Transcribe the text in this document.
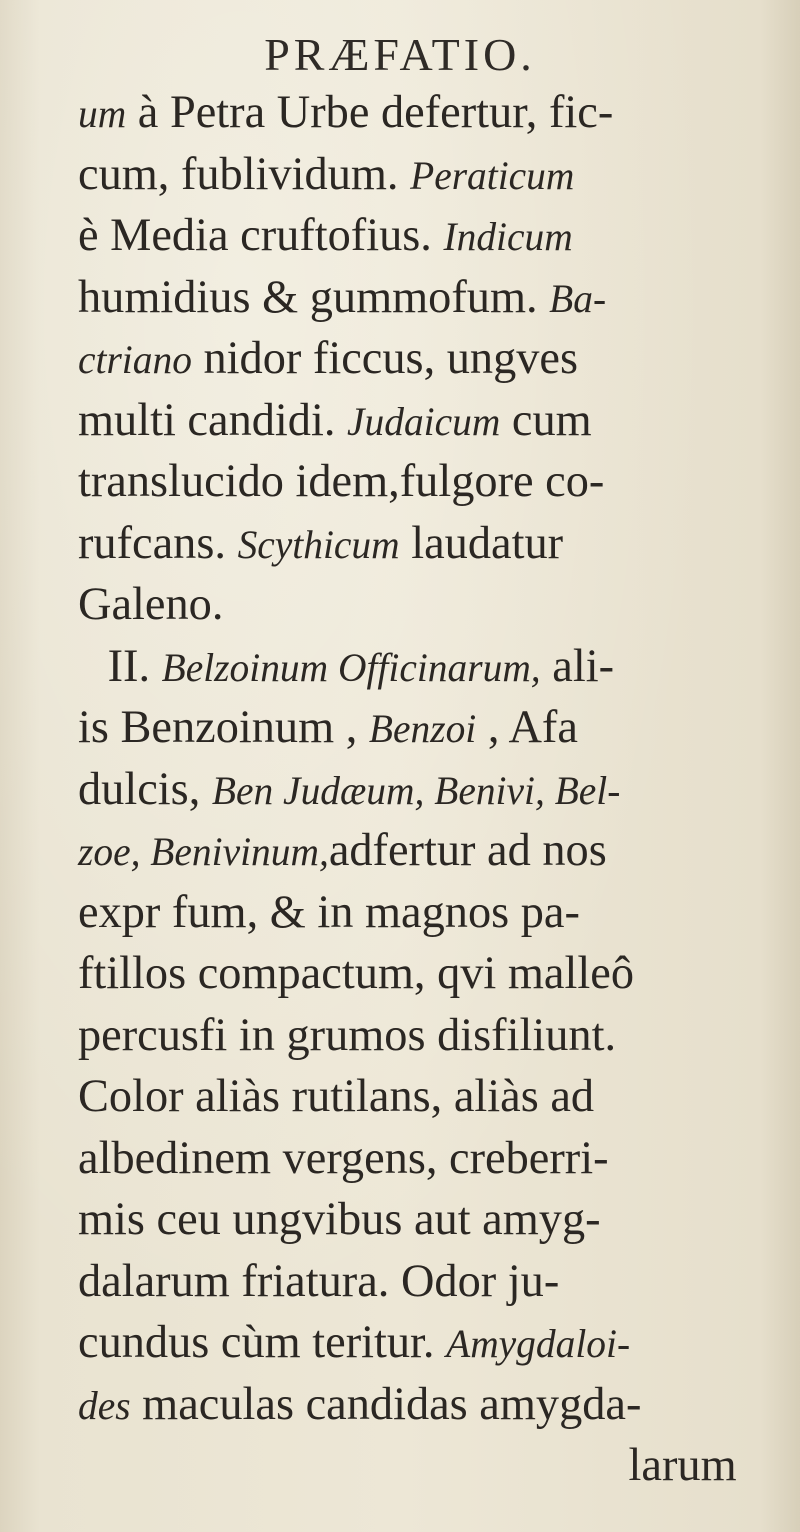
PRÆFATIO.
um à Petra Urbe defertur, fic-
cum, fublividum. Peraticum
è Media cruftofius. Indicum
humidius & gummofum. Ba-
ctriano nidor ficcus, ungves
multi candidi. Judaicum cum
translucido idem,fulgore co-
rufcans. Scythicum laudatur
Galeno.
II. Belzoinum Officinarum, ali-
is Benzoinum , Benzoi , Afa
dulcis, Ben Judæum, Benivi, Bel-
zoe, Benivinum,adfertur ad nos
expr fum, & in magnos pa-
ftillos compactum, qvi malleô
percusfi in grumos disfiliunt.
Color aliàs rutilans, aliàs ad
albedinem vergens, creberri-
mis ceu ungvibus aut amyg-
dalarum friatura. Odor ju-
cundus cùm teritur. Amygdaloi-
des maculas candidas amygda-
larum
